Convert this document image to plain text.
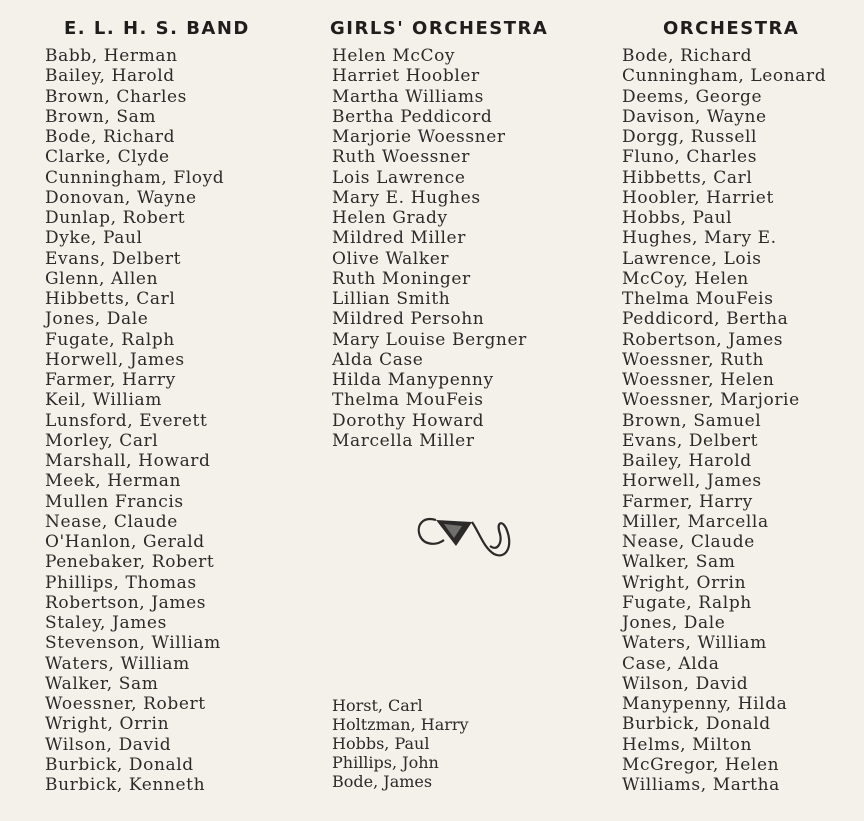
E. L. H. S. BAND	GIRLS' ORCHESTRA	ORCHESTRA
Babb, Herman
Bailey, Harold
Brown, Charles
Brown, Sam
Bode, Richard
Clarke, Clyde
Cunningham, Floyd
Donovan, Wayne
Dunlap, Robert
Dyke, Paul
Evans, Delbert
Glenn, Allen
Hibbetts, Carl
Jones, Dale
Fugate, Ralph
Horwell, James
Farmer, Harry
Keil, William
Lunsford, Everett
Morley, Carl
Marshall, Howard
Meek, Herman
Mullen Francis
Nease, Claude
O'Hanlon, Gerald
Penebaker, Robert
Phillips, Thomas
Robertson, James
Staley, James
Stevenson, William
Waters, William
Walker, Sam
Woessner, Robert
Wright, Orrin
Wilson, David
Burbick, Donald
Burbick, Kenneth
Helen McCoy
Harriet Hoobler
Martha Williams
Bertha Peddicord
Marjorie Woessner
Ruth Woessner
Lois Lawrence
Mary E. Hughes
Helen Grady
Mildred Miller
Olive Walker
Ruth Moninger
Lillian Smith
Mildred Persohn
Mary Louise Bergner
Alda Case
Hilda Manypenny
Thelma MouFeis
Dorothy Howard
Marcella Miller
Horst, Carl
Holtzman, Harry
Hobbs, Paul
Phillips, John
Bode, James
Bode, Richard
Cunningham, Leonard
Deems, George
Davison, Wayne
Dorgg, Russell
Fluno, Charles
Hibbetts, Carl
Hoobler, Harriet
Hobbs, Paul
Hughes, Mary E.
Lawrence, Lois
McCoy, Helen
Thelma MouFeis
Peddicord, Bertha
Robertson, James
Woessner, Ruth
Woessner, Helen
Woessner, Marjorie
Brown, Samuel
Evans, Delbert
Bailey, Harold
Horwell, James
Farmer, Harry
Miller, Marcella
Nease, Claude
Walker, Sam
Wright, Orrin
Fugate, Ralph
Jones, Dale
Waters, William
Case, Alda
Wilson, David
Manypenny, Hilda
Burbick, Donald
Helms, Milton
McGregor, Helen
Williams, Martha
